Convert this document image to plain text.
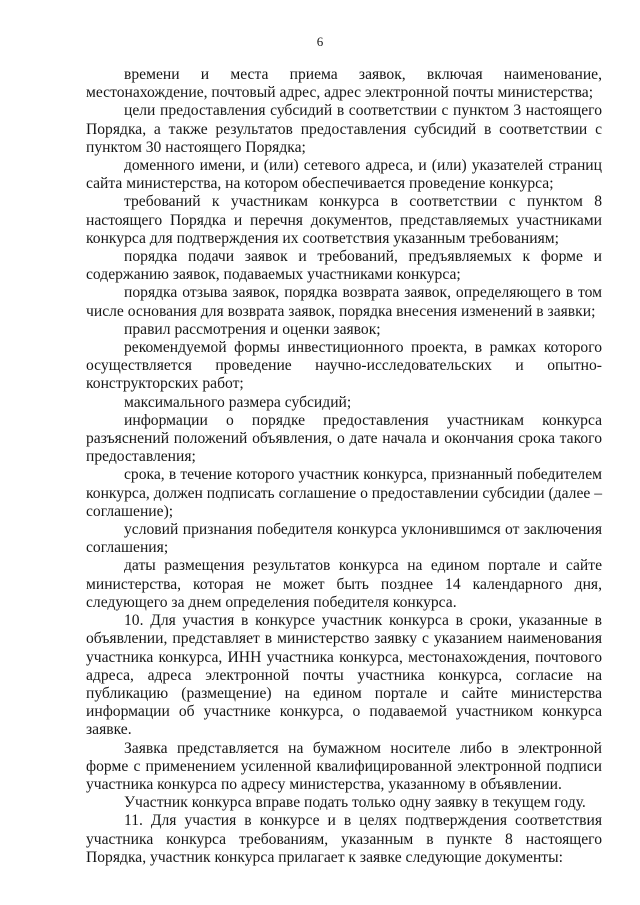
6

времени и места приема заявок, включая наименование, местонахождение, почтовый адрес, адрес электронной почты министерства;

цели предоставления субсидий в соответствии с пунктом 3 настоящего Порядка, а также результатов предоставления субсидий в соответствии с пунктом 30 настоящего Порядка;

доменного имени, и (или) сетевого адреса, и (или) указателей страниц сайта министерства, на котором обеспечивается проведение конкурса;

требований к участникам конкурса в соответствии с пунктом 8 настоящего Порядка и перечня документов, представляемых участниками конкурса для подтверждения их соответствия указанным требованиям;

порядка подачи заявок и требований, предъявляемых к форме и содержанию заявок, подаваемых участниками конкурса;

порядка отзыва заявок, порядка возврата заявок, определяющего в том числе основания для возврата заявок, порядка внесения изменений в заявки;

правил рассмотрения и оценки заявок;

рекомендуемой формы инвестиционного проекта, в рамках которого осуществляется проведение научно-исследовательских и опытно-конструкторских работ;

максимального размера субсидий;

информации о порядке предоставления участникам конкурса разъяснений положений объявления, о дате начала и окончания срока такого предоставления;

срока, в течение которого участник конкурса, признанный победителем конкурса, должен подписать соглашение о предоставлении субсидии (далее – соглашение);

условий признания победителя конкурса уклонившимся от заключения соглашения;

даты размещения результатов конкурса на едином портале и сайте министерства, которая не может быть позднее 14 календарного дня, следующего за днем определения победителя конкурса.

10. Для участия в конкурсе участник конкурса в сроки, указанные в объявлении, представляет в министерство заявку с указанием наименования участника конкурса, ИНН участника конкурса, местонахождения, почтового адреса, адреса электронной почты участника конкурса, согласие на публикацию (размещение) на едином портале и сайте министерства информации об участнике конкурса, о подаваемой участником конкурса заявке.

Заявка представляется на бумажном носителе либо в электронной форме с применением усиленной квалифицированной электронной подписи участника конкурса по адресу министерства, указанному в объявлении.

Участник конкурса вправе подать только одну заявку в текущем году.

11. Для участия в конкурсе и в целях подтверждения соответствия участника конкурса требованиям, указанным в пункте 8 настоящего Порядка, участник конкурса прилагает к заявке следующие документы:
